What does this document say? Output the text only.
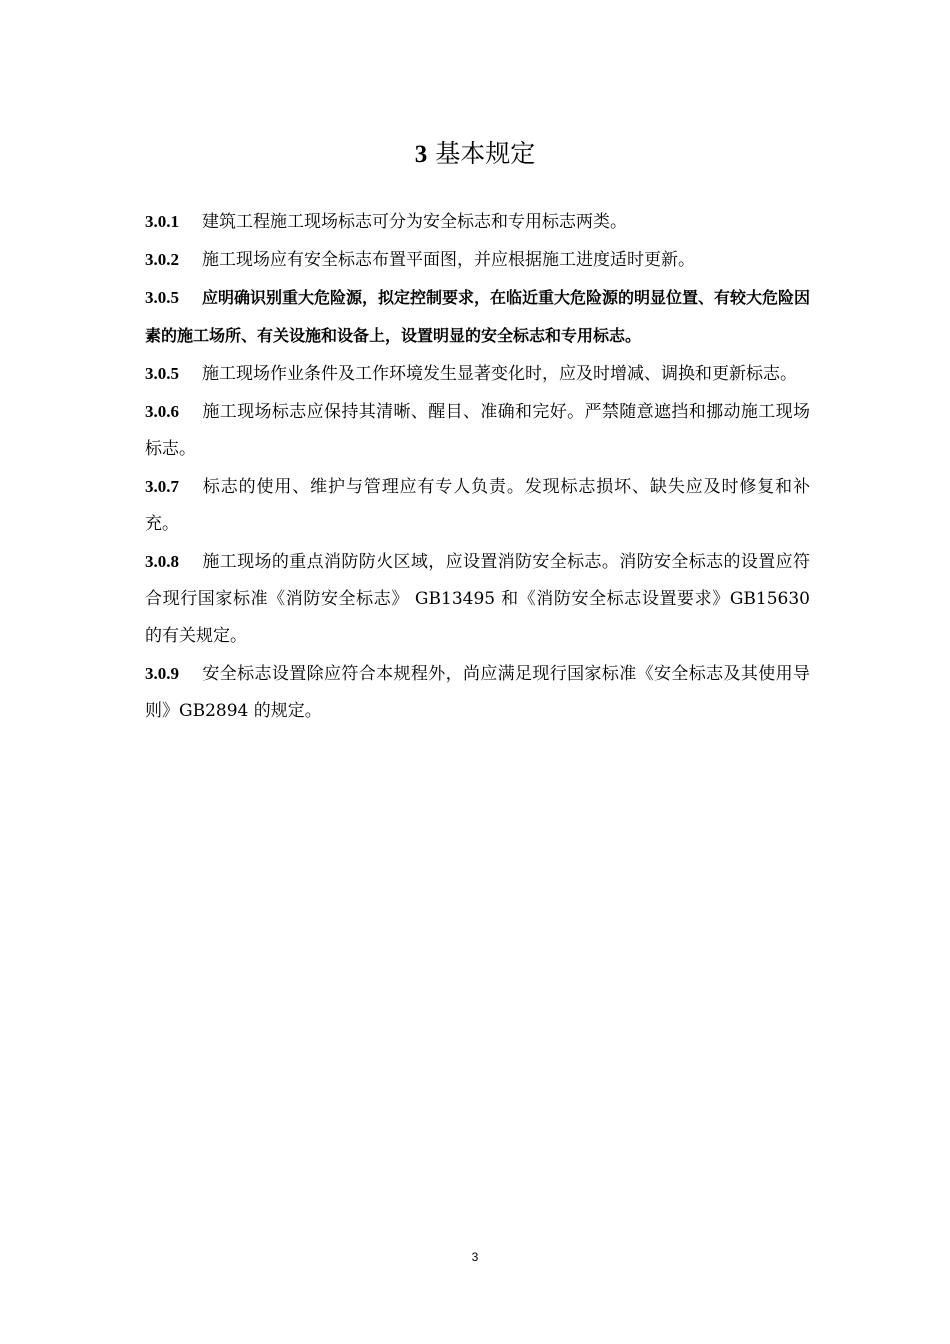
3 基本规定

3.0.1 建筑工程施工现场标志可分为安全标志和专用标志两类。

3.0.2 施工现场应有安全标志布置平面图，并应根据施工进度适时更新。

3.0.5 应明确识别重大危险源，拟定控制要求，在临近重大危险源的明显位置、有较大危险因素的施工场所、有关设施和设备上，设置明显的安全标志和专用标志。

3.0.5 施工现场作业条件及工作环境发生显著变化时，应及时增减、调换和更新标志。

3.0.6 施工现场标志应保持其清晰、醒目、准确和完好。严禁随意遮挡和挪动施工现场标志。

3.0.7 标志的使用、维护与管理应有专人负责。发现标志损坏、缺失应及时修复和补充。

3.0.8 施工现场的重点消防防火区域，应设置消防安全标志。消防安全标志的设置应符合现行国家标准《消防安全标志》 GB13495 和《消防安全标志设置要求》GB15630 的有关规定。

3.0.9 安全标志设置除应符合本规程外，尚应满足现行国家标准《安全标志及其使用导则》GB2894 的规定。

3
